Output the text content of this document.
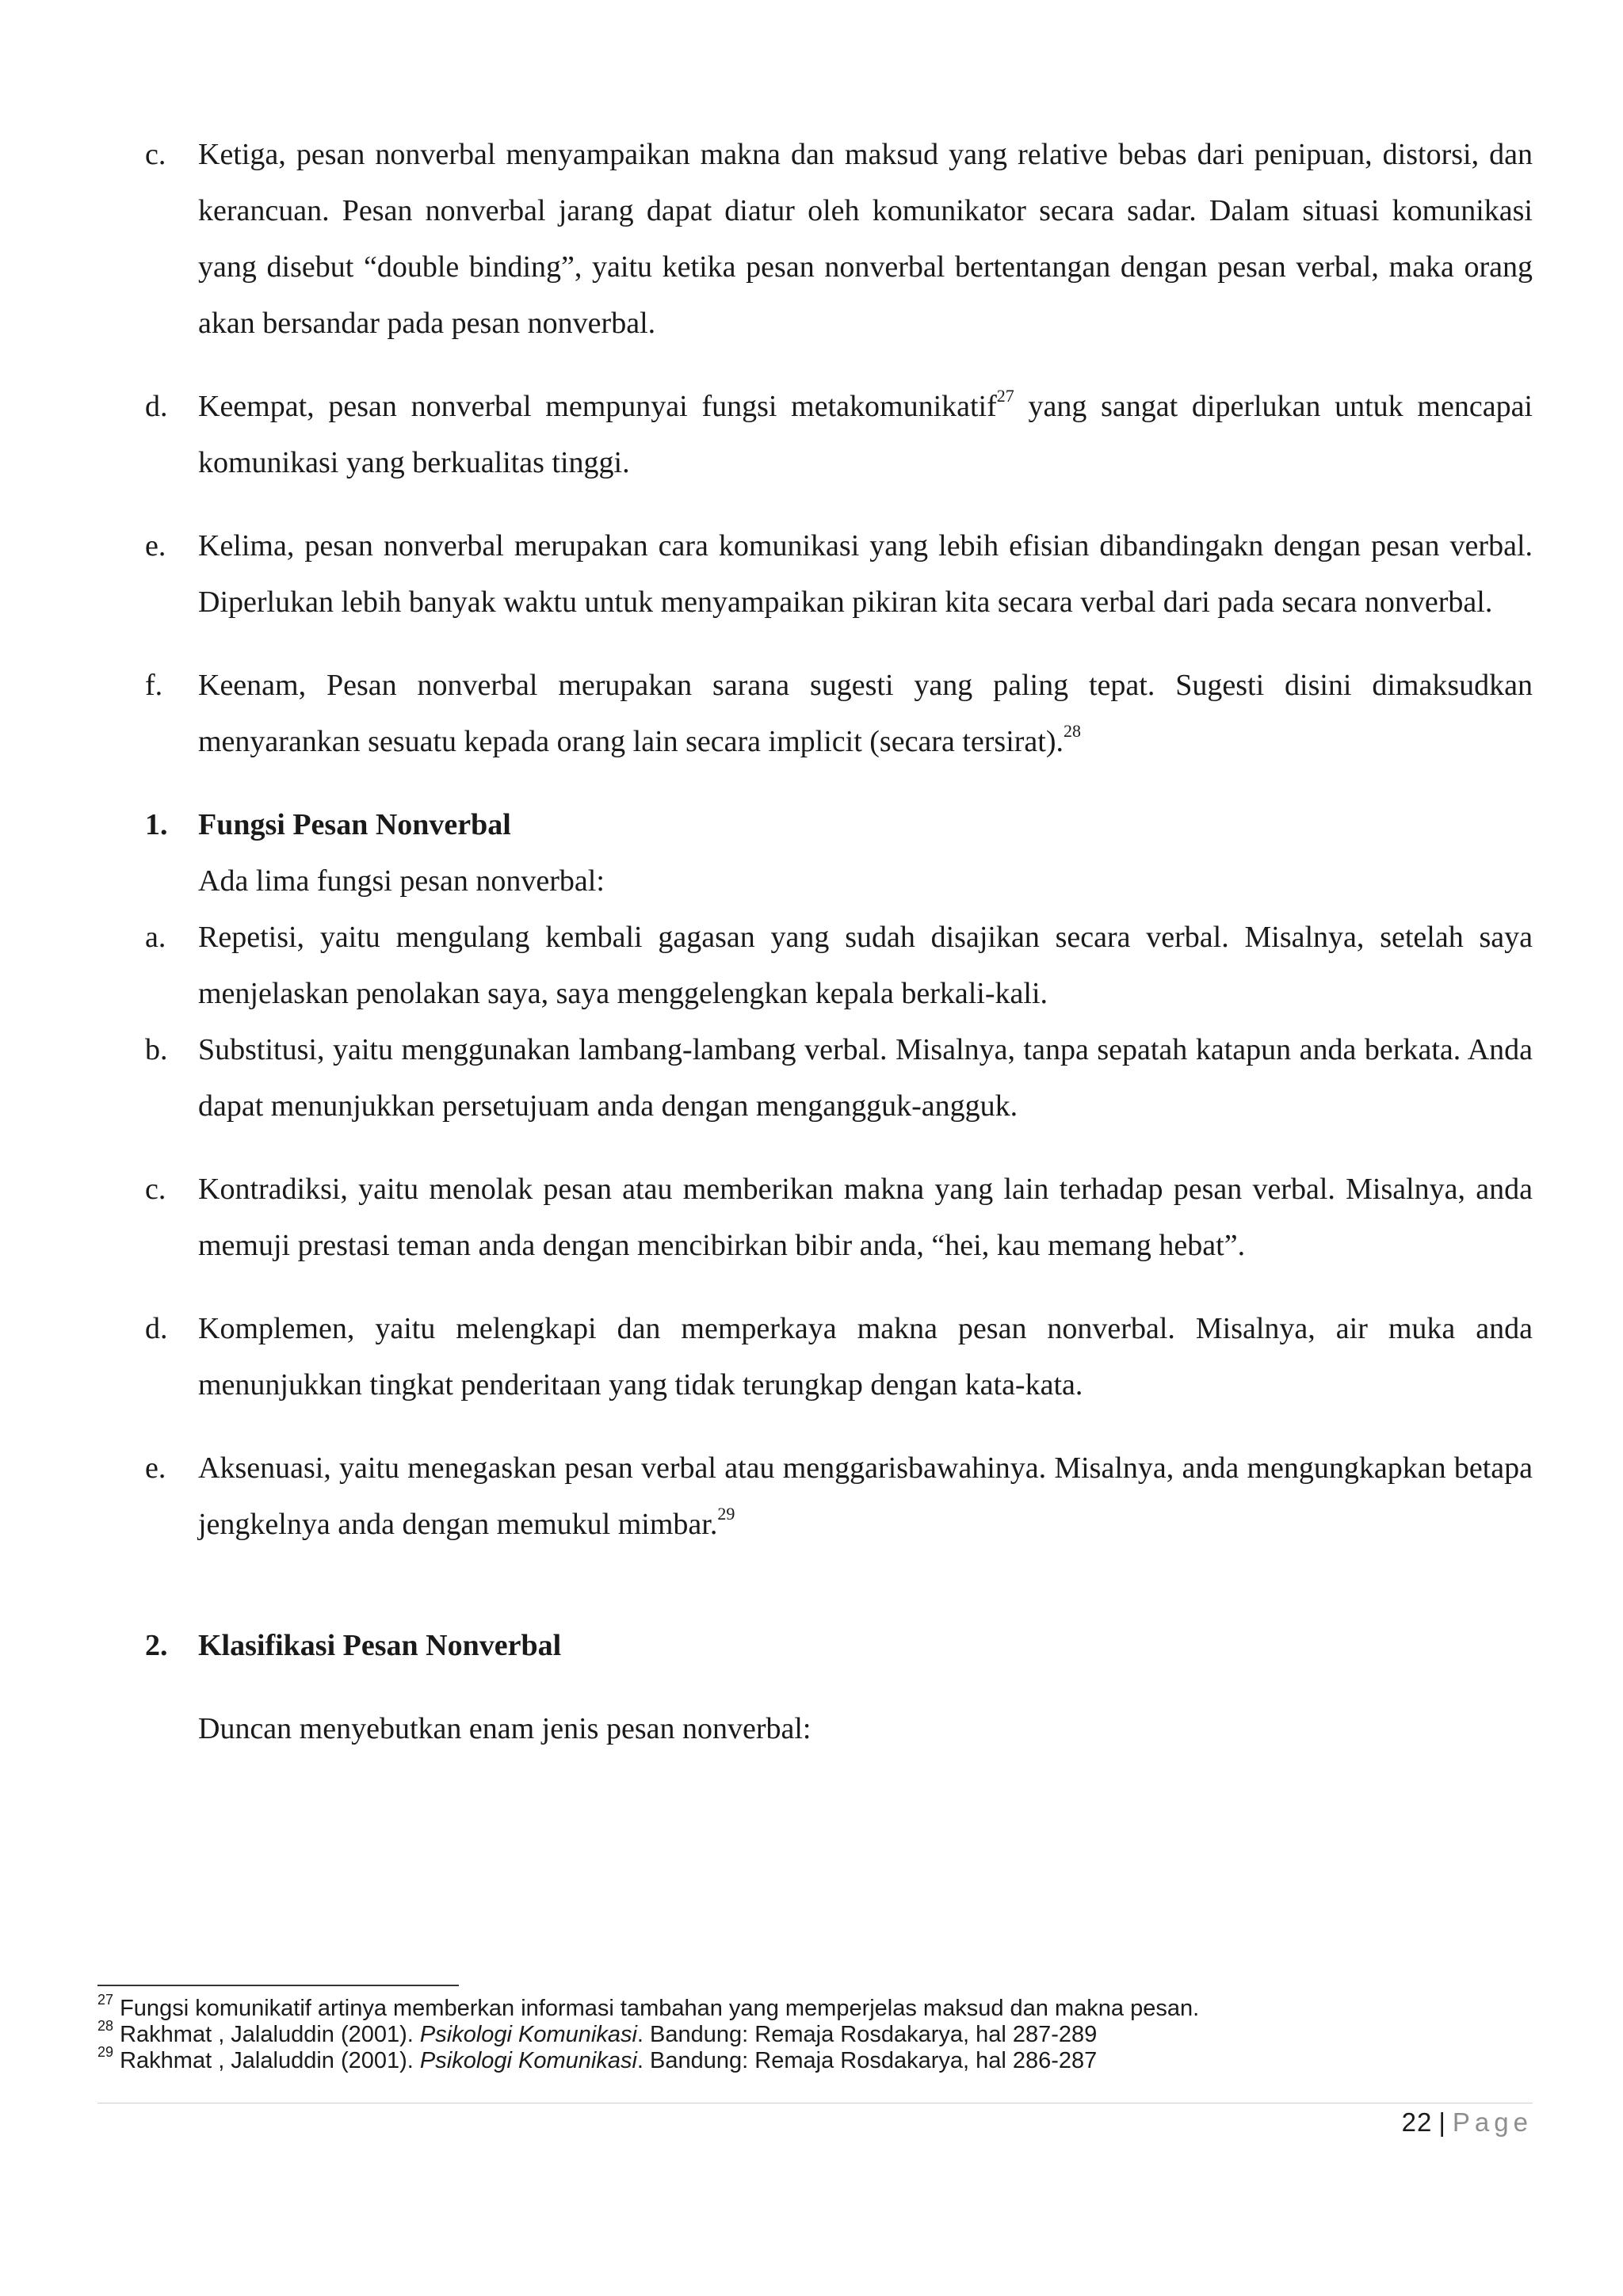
c. Ketiga, pesan nonverbal menyampaikan makna dan maksud yang relative bebas dari penipuan, distorsi, dan kerancuan. Pesan nonverbal jarang dapat diatur oleh komunikator secara sadar. Dalam situasi komunikasi yang disebut “double binding”, yaitu ketika pesan nonverbal bertentangan dengan pesan verbal, maka orang akan bersandar pada pesan nonverbal.
d. Keempat, pesan nonverbal mempunyai fungsi metakomunikatif$^{27}$ yang sangat diperlukan untuk mencapai komunikasi yang berkualitas tinggi.
e. Kelima, pesan nonverbal merupakan cara komunikasi yang lebih efisian dibandingakn dengan pesan verbal. Diperlukan lebih banyak waktu untuk menyampaikan pikiran kita secara verbal dari pada secara nonverbal.
f. Keenam, Pesan nonverbal merupakan sarana sugesti yang paling tepat. Sugesti disini dimaksudkan menyarankan sesuatu kepada orang lain secara implicit (secara tersirat).$^{28}$
1. Fungsi Pesan Nonverbal
Ada lima fungsi pesan nonverbal:
a. Repetisi, yaitu mengulang kembali gagasan yang sudah disajikan secara verbal. Misalnya, setelah saya menjelaskan penolakan saya, saya menggelengkan kepala berkali-kali.
b. Substitusi, yaitu menggunakan lambang-lambang verbal. Misalnya, tanpa sepatah katapun anda berkata. Anda dapat menunjukkan persetujuam anda dengan mengangguk-angguk.
c. Kontradiksi, yaitu menolak pesan atau memberikan makna yang lain terhadap pesan verbal. Misalnya, anda memuji prestasi teman anda dengan mencibirkan bibir anda, “hei, kau memang hebat”.
d. Komplemen, yaitu melengkapi dan memperkaya makna pesan nonverbal. Misalnya, air muka anda menunjukkan tingkat penderitaan yang tidak terungkap dengan kata-kata.
e. Aksenuasi, yaitu menegaskan pesan verbal atau menggarisbawahinya. Misalnya, anda mengungkapkan betapa jengkelnya anda dengan memukul mimbar.$^{29}$
2. Klasifikasi Pesan Nonverbal
Duncan menyebutkan enam jenis pesan nonverbal:
$^{27}$ Fungsi komunikatif artinya memberkan informasi tambahan yang memperjelas maksud dan makna pesan.
$^{28}$ Rakhmat , Jalaluddin (2001). Psikologi Komunikasi. Bandung: Remaja Rosdakarya, hal 287-289
$^{29}$ Rakhmat , Jalaluddin (2001). Psikologi Komunikasi. Bandung: Remaja Rosdakarya, hal 286-287
22 | Page
